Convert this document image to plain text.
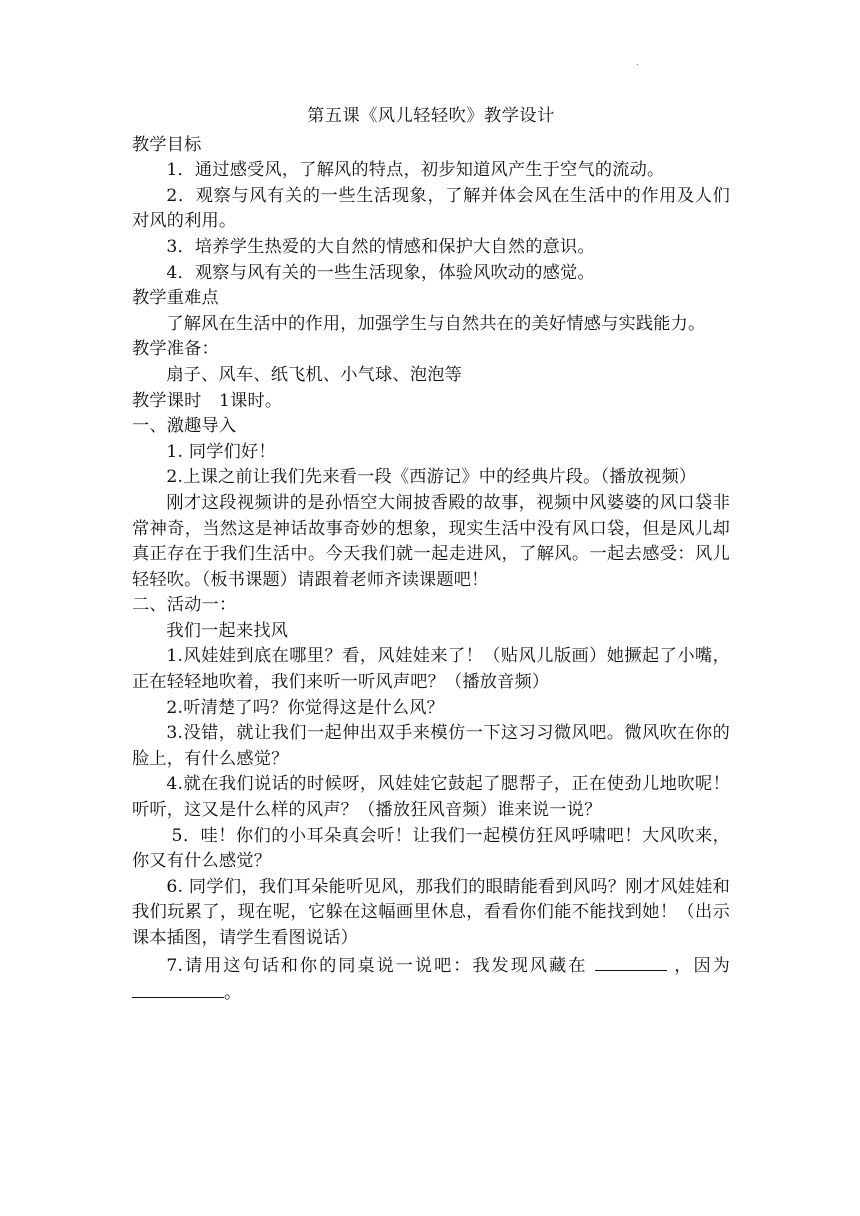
.

第五课《风儿轻轻吹》教学设计

教学目标

1．通过感受风，了解风的特点，初步知道风产生于空气的流动。

2．观察与风有关的一些生活现象，了解并体会风在生活中的作用及人们对风的利用。

3．培养学生热爱的大自然的情感和保护大自然的意识。

4．观察与风有关的一些生活现象，体验风吹动的感觉。

教学重难点

了解风在生活中的作用，加强学生与自然共在的美好情感与实践能力。

教学准备：

扇子、风车、纸飞机、小气球、泡泡等

教学课时　1课时。

一、激趣导入

1. 同学们好！

2.上课之前让我们先来看一段《西游记》中的经典片段。（播放视频）

刚才这段视频讲的是孙悟空大闹披香殿的故事，视频中风婆婆的风口袋非常神奇，当然这是神话故事奇妙的想象，现实生活中没有风口袋，但是风儿却真正存在于我们生活中。今天我们就一起走进风，了解风。一起去感受：风儿轻轻吹。（板书课题）请跟着老师齐读课题吧！

二、活动一：

我们一起来找风

1.风娃娃到底在哪里？看，风娃娃来了！（贴风儿版画）她撅起了小嘴，正在轻轻地吹着，我们来听一听风声吧？（播放音频）

2.听清楚了吗？你觉得这是什么风？

3.没错，就让我们一起伸出双手来模仿一下这习习微风吧。微风吹在你的脸上，有什么感觉？

4.就在我们说话的时候呀，风娃娃它鼓起了腮帮子，正在使劲儿地吹呢！听听，这又是什么样的风声？（播放狂风音频）谁来说一说？

5．哇！你们的小耳朵真会听！让我们一起模仿狂风呼啸吧！大风吹来，你又有什么感觉？

6. 同学们，我们耳朵能听见风，那我们的眼睛能看到风吗？刚才风娃娃和我们玩累了，现在呢，它躲在这幅画里休息，看看你们能不能找到她！（出示课本插图，请学生看图说话）

7.请用这句话和你的同桌说一说吧：我发现风藏在	，因为。
